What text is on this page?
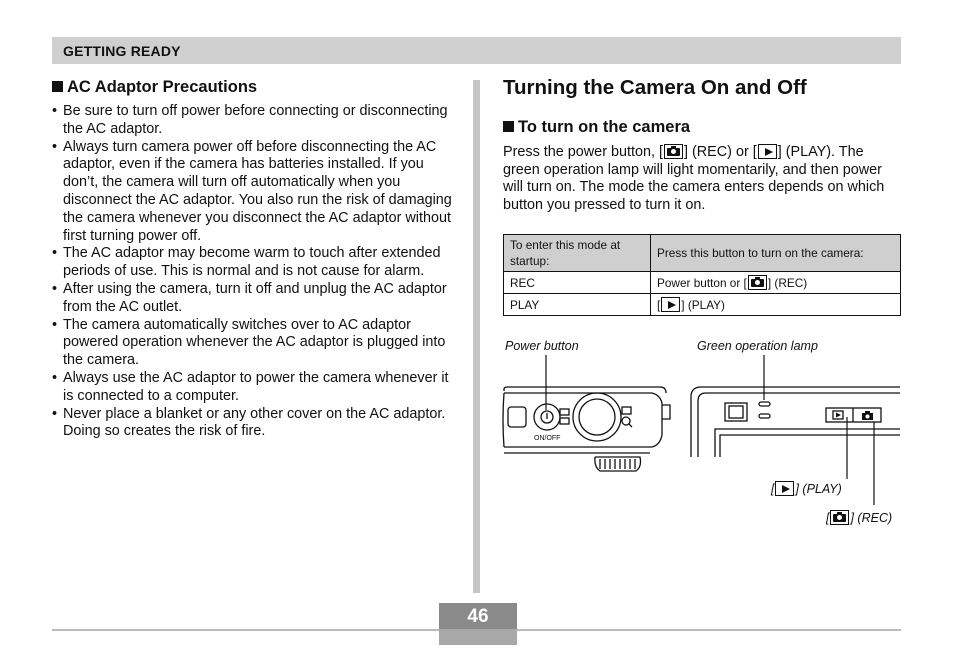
GETTING READY
AC Adaptor Precautions
• Be sure to turn off power before connecting or disconnecting the AC adaptor.
• Always turn camera power off before disconnecting the AC adaptor, even if the camera has batteries installed. If you don’t, the camera will turn off automatically when you disconnect the AC adaptor. You also run the risk of damaging the camera whenever you disconnect the AC adaptor without first turning power off.
• The AC adaptor may become warm to touch after extended periods of use. This is normal and is not cause for alarm.
• After using the camera, turn it off and unplug the AC adaptor from the AC outlet.
• The camera automatically switches over to AC adaptor powered operation whenever the AC adaptor is plugged into the camera.
• Always use the AC adaptor to power the camera whenever it is connected to a computer.
• Never place a blanket or any other cover on the AC adaptor. Doing so creates the risk of fire.
Turning the Camera On and Off
To turn on the camera
Press the power button, [ ] (REC) or [ ] (PLAY). The green operation lamp will light momentarily, and then power will turn on. The mode the camera enters depends on which button you pressed to turn it on.
To enter this mode at startup:	Press this button to turn on the camera:
REC	Power button or [ ] (REC)
PLAY	[ ] (PLAY)
Power button	Green operation lamp
[ ] (PLAY)
[ ] (REC)
ON/OFF
46
